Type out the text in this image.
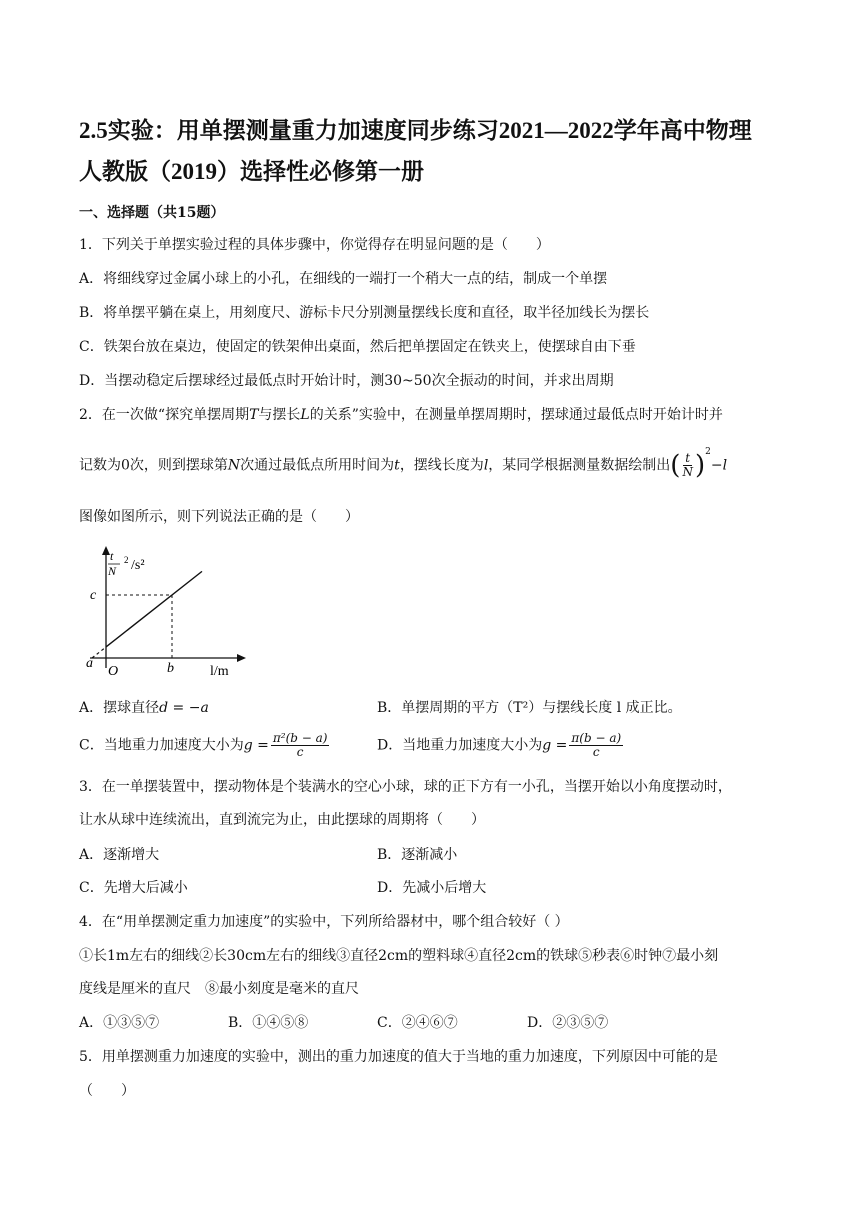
2.5实验：用单摆测量重力加速度同步练习2021—2022学年高中物理
人教版（2019）选择性必修第一册
一、选择题（共15题）
1．下列关于单摆实验过程的具体步骤中，你觉得存在明显问题的是（　　）
A．将细线穿过金属小球上的小孔，在细线的一端打一个稍大一点的结，制成一个单摆
B．将单摆平躺在桌上，用刻度尺、游标卡尺分别测量摆线长度和直径，取半径加线长为摆长
C．铁架台放在桌边，使固定的铁架伸出桌面，然后把单摆固定在铁夹上，使摆球自由下垂
D．当摆动稳定后摆球经过最低点时开始计时，测30~50次全振动的时间，并求出周期
2．在一次做“探究单摆周期T与摆长L的关系”实验中，在测量单摆周期时，摆球通过最低点时开始计时并
记数为0次，则到摆球第N次通过最低点所用时间为t，摆线长度为l，某同学根据测量数据绘制出( $\frac{t}{N} )^2-l$
图像如图所示，则下列说法正确的是（　　）
t
N
2 /s²
l/m
O
a	b
c
A．摆球直径d = −a	B．单摆周期的平方（T²）与摆线长度 l 成正比。
C．当地重力加速度大小为$g = \frac{\text{π²(b − a)}}{c}$	D．当地重力加速度大小为$g = \frac{\pi(b - a)}{c}$
3．在一单摆装置中，摆动物体是个装满水的空心小球，球的正下方有一小孔，当摆开始以小角度摆动时，
让水从球中连续流出，直到流完为止，由此摆球的周期将（　　）
A．逐渐增大	B．逐渐减小
C．先增大后减小	D．先减小后增大
4．在“用单摆测定重力加速度”的实验中，下列所给器材中，哪个组合较好（ ）
①长1m左右的细线②长30cm左右的细线③直径2cm的塑料球④直径2cm的铁球⑤秒表⑥时钟⑦最小刻
度线是厘米的直尺　⑧最小刻度是毫米的直尺
A．①③⑤⑦	B．①④⑤⑧	C．②④⑥⑦	D．②③⑤⑦
5．用单摆测重力加速度的实验中，测出的重力加速度的值大于当地的重力加速度，下列原因中可能的是
（　　）
